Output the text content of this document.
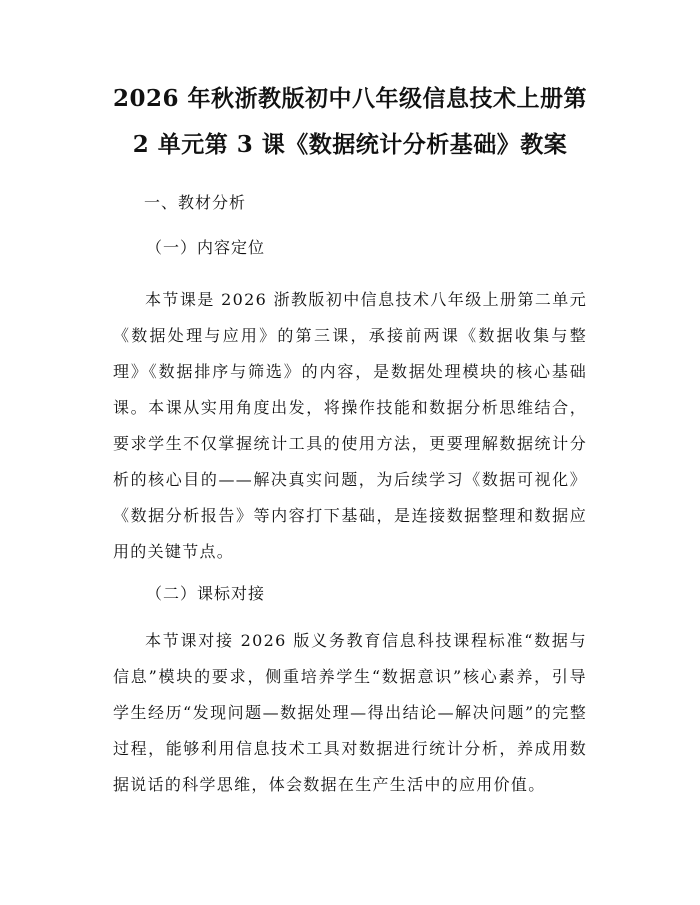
2026 年秋浙教版初中八年级信息技术上册第
2 单元第 3 课《数据统计分析基础》教案
一、教材分析
（一）内容定位

本节课是 2026 浙教版初中信息技术八年级上册第二单元《数据处理与应用》的第三课，承接前两课《数据收集与整理》《数据排序与筛选》的内容，是数据处理模块的核心基础课。本课从实用角度出发，将操作技能和数据分析思维结合，要求学生不仅掌握统计工具的使用方法，更要理解数据统计分析的核心目的——解决真实问题，为后续学习《数据可视化》《数据分析报告》等内容打下基础，是连接数据整理和数据应用的关键节点。

（二）课标对接

本节课对接 2026 版义务教育信息科技课程标准“数据与信息”模块的要求，侧重培养学生“数据意识”核心素养，引导学生经历“发现问题—数据处理—得出结论—解决问题”的完整过程，能够利用信息技术工具对数据进行统计分析，养成用数据说话的科学思维，体会数据在生产生活中的应用价值。
